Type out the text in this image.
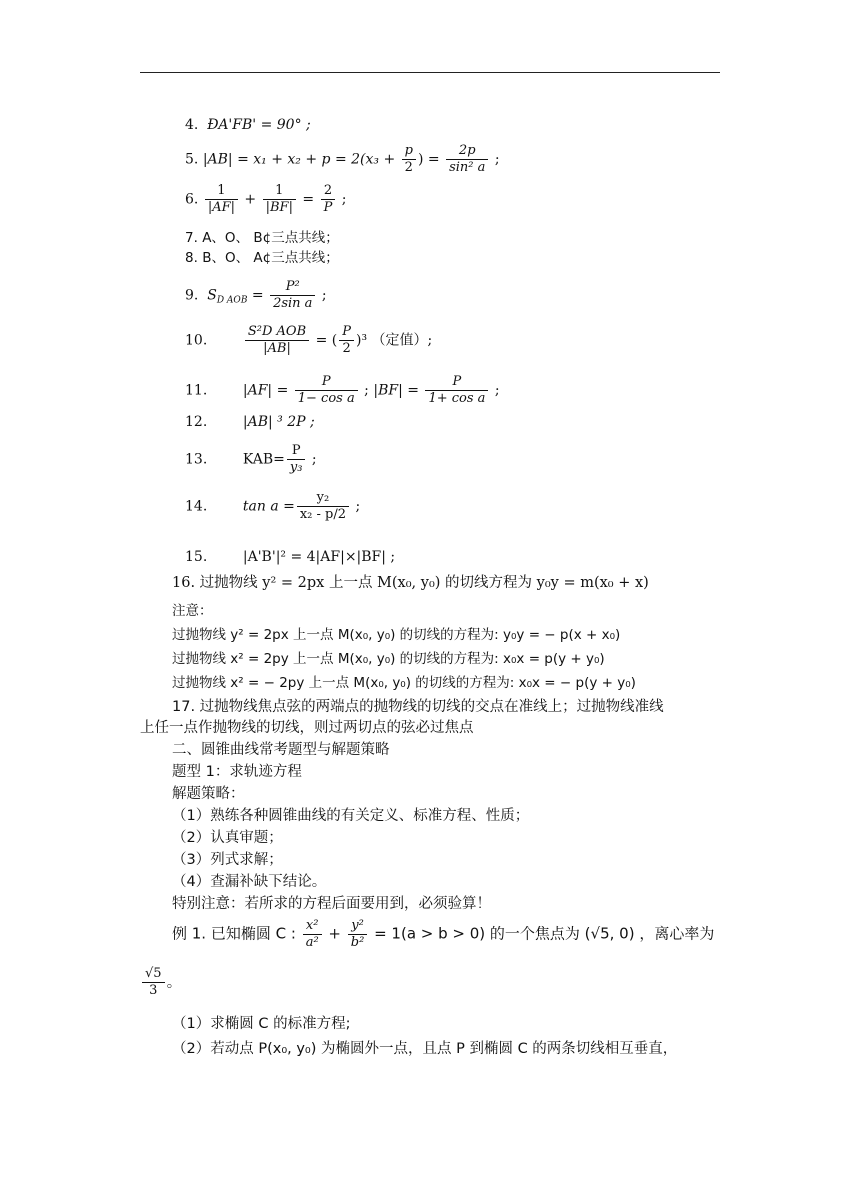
4. ÐA'FB' = 90° ;
5. $|AB| = x_1 + x_2 + p = 2(x_3 + \frac{p}{2}$ ) = $\frac{2p}{\text{sin² a}}$ ;
6. $\frac{1}{|AF|} + \frac{1}{|BF|} = \frac{2}{P}$ ;
7. A、O、 B¢三点共线；
8. B、O、 A¢三点共线；
9. $S_{D AOB} = \frac{\text{P²}}{\text{2sin a}}$ ;
10.	$\frac{\text{S²D AOB}}{|AB|}$ = ( $\frac{P}{2} )^3$ （定值）;
11.	$|AF| = \frac{P}{\text{1− cos a}}$ ; $|BF| = \frac{P}{\text{1+ cos a}}$ ;
12.	|AB| ³ 2P ;
13.	$KAB= \frac{P}{\text{y₃}}$ ;
14.	$\tan a = \frac{\text{y₂}}{\text{x₂ - p/2}}$ ;
15.	|A'B'|² = 4|AF|×|BF| ;
16. 过抛物线 y² = 2px 上一点 M(x₀, y₀) 的切线方程为 y₀y = m(x₀ + x)
注意：
过抛物线 y² = 2px 上一点 M(x₀, y₀) 的切线的方程为: y₀y = − p(x + x₀)
过抛物线 x² = 2py 上一点 M(x₀, y₀) 的切线的方程为: x₀x = p(y + y₀)
过抛物线 x² = − 2py 上一点 M(x₀, y₀) 的切线的方程为: x₀x = − p(y + y₀)
17. 过抛物线焦点弦的两端点的抛物线的切线的交点在准线上；过抛物线准线
上任一点作抛物线的切线，则过两切点的弦必过焦点
二、圆锥曲线常考题型与解题策略
题型 1：求轨迹方程
解题策略：
（1）熟练各种圆锥曲线的有关定义、标准方程、性质；
（2）认真审题；
（3）列式求解；
（4）查漏补缺下结论。
特别注意：若所求的方程后面要用到，必须验算！
例 1. 已知椭圆 C : $\frac{\text{x²}}{\text{a²}} + \frac{\text{y²}}{\text{b²}} = 1(a > b > 0)$ 的一个焦点为 (√5, 0) ，离心率为
$\frac{√5}{3}$ 。
（1）求椭圆 C 的标准方程;
（2）若动点 P(x₀, y₀) 为椭圆外一点，且点 P 到椭圆 C 的两条切线相互垂直，
